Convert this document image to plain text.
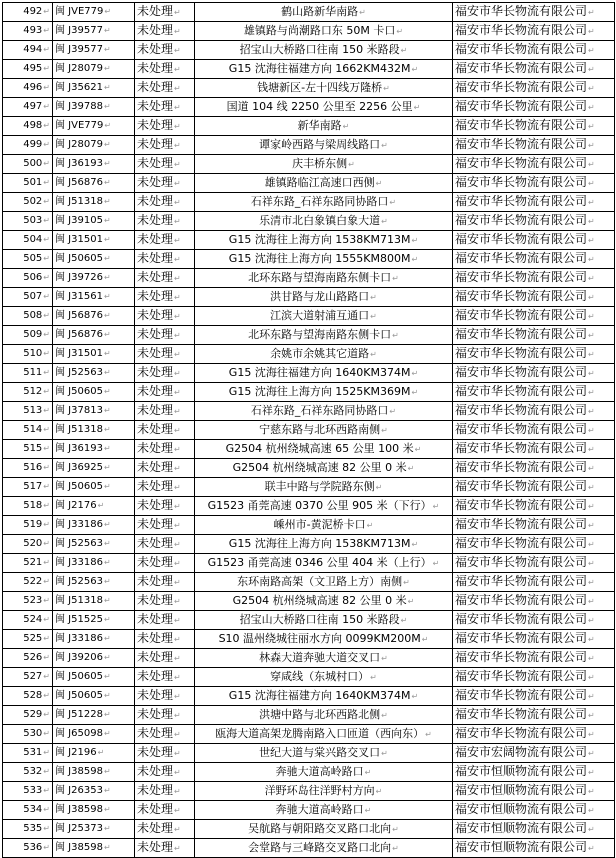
492↵	闽 JVE779↵	未处理↵	鹤山路新华南路↵	福安市华长物流有限公司↵
493↵	闽 J39577↵	未处理↵	雄镇路与尚潮路口东 50M 卡口↵	福安市华长物流有限公司↵
494↵	闽 J39577↵	未处理↵	招宝山大桥路口往南 150 米路段↵	福安市华长物流有限公司↵
495↵	闽 J28079↵	未处理↵	G15 沈海往福建方向 1662KM432M↵	福安市华长物流有限公司↵
496↵	闽 J35621↵	未处理↵	钱塘新区-左十四线万隆桥↵	福安市华长物流有限公司↵
497↵	闽 J39788↵	未处理↵	国道 104 线 2250 公里至 2256 公里↵	福安市华长物流有限公司↵
498↵	闽 JVE779↵	未处理↵	新华南路↵	福安市华长物流有限公司↵
499↵	闽 J28079↵	未处理↵	谭家岭西路与梁周线路口↵	福安市华长物流有限公司↵
500↵	闽 J36193↵	未处理↵	庆丰桥东侧↵	福安市华长物流有限公司↵
501↵	闽 J56876↵	未处理↵	雄镇路临江高速口西侧↵	福安市华长物流有限公司↵
502↵	闽 J51318↵	未处理↵	石祥东路_石祥东路同协路口↵	福安市华长物流有限公司↵
503↵	闽 J39105↵	未处理↵	乐清市北白象镇白象大道↵	福安市华长物流有限公司↵
504↵	闽 J31501↵	未处理↵	G15 沈海往上海方向 1538KM713M↵	福安市华长物流有限公司↵
505↵	闽 J50605↵	未处理↵	G15 沈海往上海方向 1555KM800M↵	福安市华长物流有限公司↵
506↵	闽 J39726↵	未处理↵	北环东路与望海南路东侧卡口↵	福安市华长物流有限公司↵
507↵	闽 J31561↵	未处理↵	洪甘路与龙山路路口↵	福安市华长物流有限公司↵
508↵	闽 J56876↵	未处理↵	江滨大道射浦互通口↵	福安市华长物流有限公司↵
509↵	闽 J56876↵	未处理↵	北环东路与望海南路东侧卡口↵	福安市华长物流有限公司↵
510↵	闽 J31501↵	未处理↵	余姚市余姚其它道路↵	福安市华长物流有限公司↵
511↵	闽 J52563↵	未处理↵	G15 沈海往福建方向 1640KM374M↵	福安市华长物流有限公司↵
512↵	闽 J50605↵	未处理↵	G15 沈海往上海方向 1525KM369M↵	福安市华长物流有限公司↵
513↵	闽 J37813↵	未处理↵	石祥东路_石祥东路同协路口↵	福安市华长物流有限公司↵
514↵	闽 J51318↵	未处理↵	宁慈东路与北环西路南侧↵	福安市华长物流有限公司↵
515↵	闽 J36193↵	未处理↵	G2504 杭州绕城高速 65 公里 100 米↵	福安市华长物流有限公司↵
516↵	闽 J36925↵	未处理↵	G2504 杭州绕城高速 82 公里 0 米↵	福安市华长物流有限公司↵
517↵	闽 J50605↵	未处理↵	联丰中路与学院路东侧↵	福安市华长物流有限公司↵
518↵	闽 J2176↵	未处理↵	G1523 甬莞高速 0370 公里 905 米（下行）↵	福安市华长物流有限公司↵
519↵	闽 J33186↵	未处理↵	嵊州市-黄泥桥卡口↵	福安市华长物流有限公司↵
520↵	闽 J52563↵	未处理↵	G15 沈海往上海方向 1538KM713M↵	福安市华长物流有限公司↵
521↵	闽 J33186↵	未处理↵	G1523 甬莞高速 0346 公里 404 米（上行）↵	福安市华长物流有限公司↵
522↵	闽 J52563↵	未处理↵	东环南路高架（文卫路上方）南侧↵	福安市华长物流有限公司↵
523↵	闽 J51318↵	未处理↵	G2504 杭州绕城高速 82 公里 0 米↵	福安市华长物流有限公司↵
524↵	闽 J51525↵	未处理↵	招宝山大桥路口往南 150 米路段↵	福安市华长物流有限公司↵
525↵	闽 J33186↵	未处理↵	S10 温州绕城往丽水方向 0099KM200M↵	福安市华长物流有限公司↵
526↵	闽 J39206↵	未处理↵	林森大道奔驰大道交叉口↵	福安市华长物流有限公司↵
527↵	闽 J50605↵	未处理↵	穿咸线（东城村口）↵	福安市华长物流有限公司↵
528↵	闽 J50605↵	未处理↵	G15 沈海往福建方向 1640KM374M↵	福安市华长物流有限公司↵
529↵	闽 J51228↵	未处理↵	洪塘中路与北环西路北侧↵	福安市华长物流有限公司↵
530↵	闽 J65098↵	未处理↵	瓯海大道高架龙腾南路入口匝道（西向东）↵	福安市华长物流有限公司↵
531↵	闽 J2196↵	未处理↵	世纪大道与棠兴路交叉口↵	福安市宏阔物流有限公司↵
532↵	闽 J38598↵	未处理↵	奔驰大道高岭路口↵	福安市恒顺物流有限公司↵
533↵	闽 J26353↵	未处理↵	洋野环岛往洋野村方向↵	福安市恒顺物流有限公司↵
534↵	闽 J38598↵	未处理↵	奔驰大道高岭路口↵	福安市恒顺物流有限公司↵
535↵	闽 J25373↵	未处理↵	吴航路与朝阳路交叉路口北向↵	福安市恒顺物流有限公司↵
536↵	闽 J38598↵	未处理↵	会堂路与三峰路交叉路口北向↵	福安市恒顺物流有限公司↵
